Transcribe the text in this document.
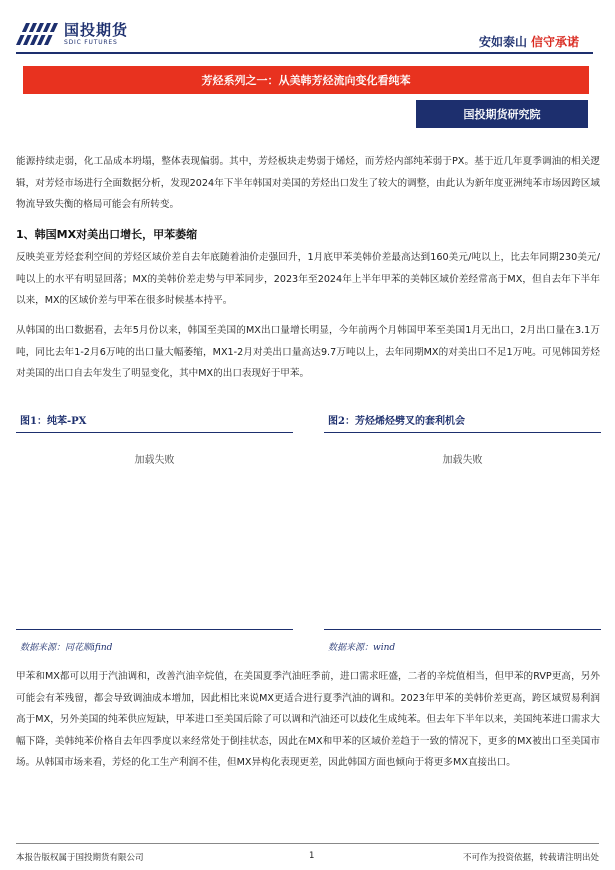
国投期货
SDIC FUTURES	安如泰山 信守承诺
芳烃系列之一：从美韩芳烃流向变化看纯苯
国投期货研究院

能源持续走弱，化工品成本坍塌，整体表现偏弱。其中，芳烃板块走势弱于烯烃，而芳烃内部纯苯弱于PX。基于近几年夏季调油的相关逻辑，对芳烃市场进行全面数据分析，发现2024年下半年韩国对美国的芳烃出口发生了较大的调整，由此认为新年度亚洲纯苯市场因跨区域物流导致失衡的格局可能会有所转变。

1、韩国MX对美出口增长，甲苯萎缩

反映美亚芳烃套利空间的芳烃区域价差自去年底随着油价走强回升，1月底甲苯美韩价差最高达到160美元/吨以上，比去年同期230美元/吨以上的水平有明显回落；MX的美韩价差走势与甲苯同步，2023年至2024年上半年甲苯的美韩区域价差经常高于MX，但自去年下半年以来，MX的区域价差与甲苯在很多时候基本持平。

从韩国的出口数据看，去年5月份以来，韩国至美国的MX出口量增长明显，今年前两个月韩国甲苯至美国1月无出口，2月出口量在3.1万吨，同比去年1-2月6万吨的出口量大幅萎缩，MX1-2月对美出口量高达9.7万吨以上，去年同期MX的对美出口不足1万吨。可见韩国芳烃对美国的出口自去年发生了明显变化，其中MX的出口表现好于甲苯。

图1：纯苯-PX
加载失败
图2：芳烃烯烃劈叉的套利机会
加载失败
数据来源：同花顺ifind	数据来源：wind

甲苯和MX都可以用于汽油调和，改善汽油辛烷值，在美国夏季汽油旺季前，进口需求旺盛，二者的辛烷值相当，但甲苯的RVP更高，另外可能会有苯残留，都会导致调油成本增加，因此相比来说MX更适合进行夏季汽油的调和。2023年甲苯的美韩价差更高，跨区域贸易利润高于MX，另外美国的纯苯供应短缺，甲苯进口至美国后除了可以调和汽油还可以歧化生成纯苯。但去年下半年以来，美国纯苯进口需求大幅下降，美韩纯苯价格自去年四季度以来经常处于倒挂状态，因此在MX和甲苯的区域价差趋于一致的情况下，更多的MX被出口至美国市场。从韩国市场来看，芳烃的化工生产利润不佳，但MX异构化表现更差，因此韩国方面也倾向于将更多MX直接出口。

本报告版权属于国投期货有限公司	1	不可作为投资依据，转载请注明出处
